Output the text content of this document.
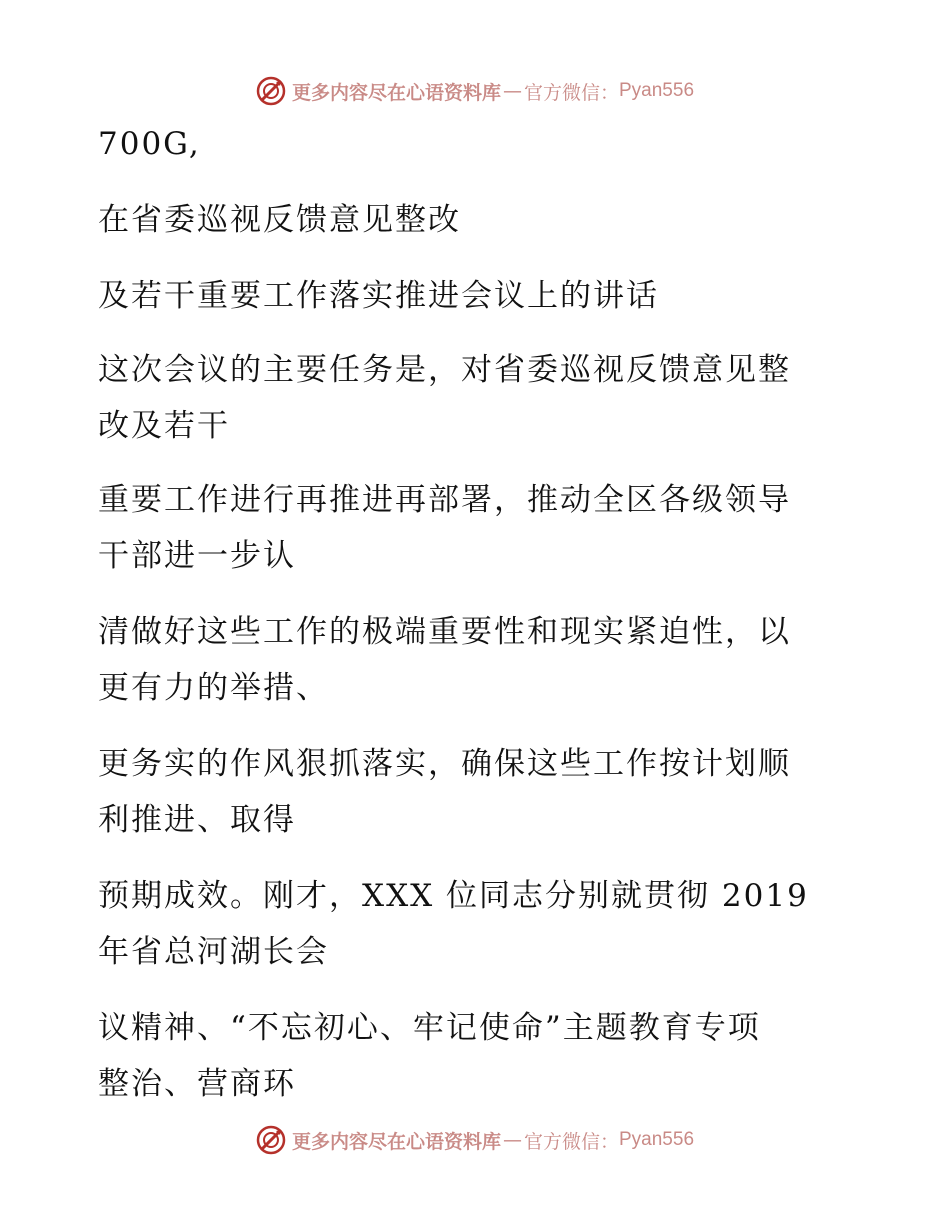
更多内容尽在心语资料库 — 官方微信： Pyan556
700G,
在省委巡视反馈意见整改
及若干重要工作落实推进会议上的讲话
这次会议的主要任务是，对省委巡视反馈意见整
改及若干
重要工作进行再推进再部署，推动全区各级领导
干部进一步认
清做好这些工作的极端重要性和现实紧迫性，以
更有力的举措、
更务实的作风狠抓落实，确保这些工作按计划顺
利推进、取得
预期成效。刚才，XXX 位同志分别就贯彻 2019
年省总河湖长会
议精神、“不忘初心、牢记使命”主题教育专项
整治、营商环
更多内容尽在心语资料库 — 官方微信： Pyan556
